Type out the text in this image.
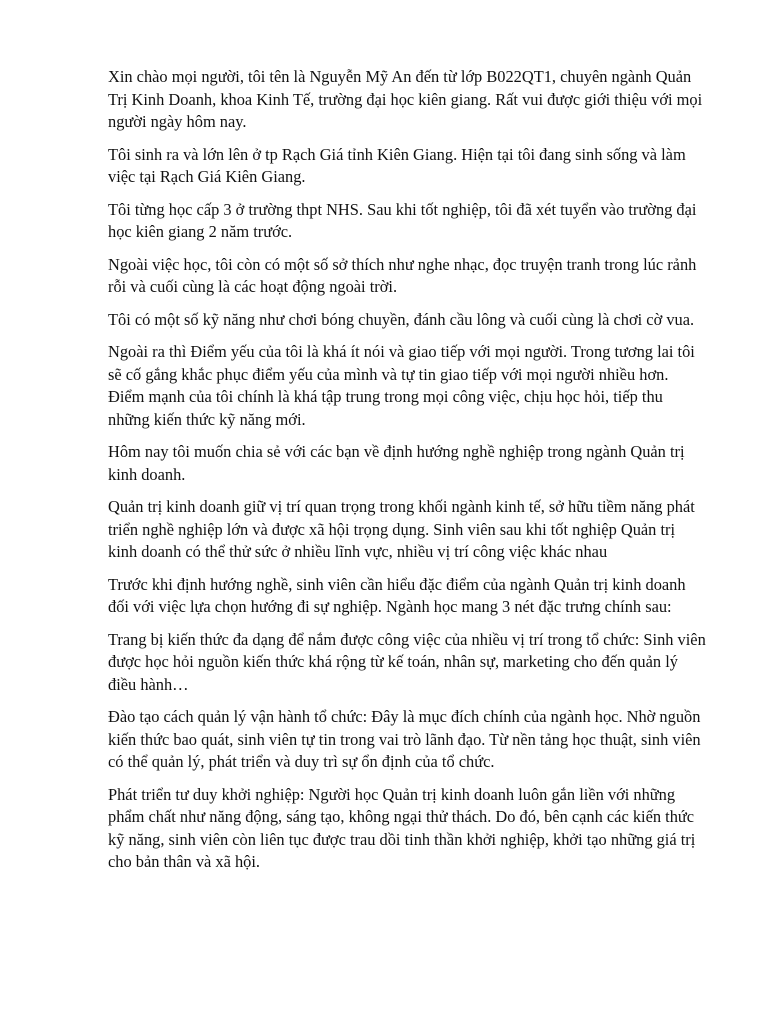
Xin chào mọi người, tôi tên là Nguyễn Mỹ An đến từ lớp B022QT1, chuyên ngành Quản Trị Kinh Doanh, khoa Kinh Tế, trường đại học kiên giang. Rất vui được giới thiệu với mọi người ngày hôm nay.

Tôi sinh ra và lớn lên ở tp Rạch Giá tỉnh Kiên Giang. Hiện tại tôi đang sinh sống và làm việc tại Rạch Giá Kiên Giang.

Tôi từng học cấp 3 ở trường thpt NHS. Sau khi tốt nghiệp, tôi đã xét tuyển vào trường đại học kiên giang 2 năm trước.

Ngoài việc học, tôi còn có một số sở thích như nghe nhạc, đọc truyện tranh trong lúc rảnh rỗi và cuối cùng là các hoạt động ngoài trời.

Tôi có một số kỹ năng như chơi bóng chuyền, đánh cầu lông và cuối cùng là chơi cờ vua.

Ngoài ra thì Điểm yếu của tôi là khá ít nói và giao tiếp với mọi người. Trong tương lai tôi sẽ cố gắng khắc phục điểm yếu của mình và tự tin giao tiếp với mọi người nhiều hơn. Điểm mạnh của tôi chính là khá tập trung trong mọi công việc, chịu học hỏi, tiếp thu những kiến thức kỹ năng mới.

Hôm nay tôi muốn chia sẻ với các bạn về định hướng nghề nghiệp trong ngành Quản trị kinh doanh.

Quản trị kinh doanh giữ vị trí quan trọng trong khối ngành kinh tế, sở hữu tiềm năng phát triển nghề nghiệp lớn và được xã hội trọng dụng. Sinh viên sau khi tốt nghiệp Quản trị kinh doanh có thể thử sức ở nhiều lĩnh vực, nhiều vị trí công việc khác nhau

Trước khi định hướng nghề, sinh viên cần hiểu đặc điểm của ngành Quản trị kinh doanh đối với việc lựa chọn hướng đi sự nghiệp. Ngành học mang 3 nét đặc trưng chính sau:

Trang bị kiến thức đa dạng để nắm được công việc của nhiều vị trí trong tổ chức: Sinh viên được học hỏi nguồn kiến thức khá rộng từ kế toán, nhân sự, marketing cho đến quản lý điều hành…

Đào tạo cách quản lý vận hành tổ chức: Đây là mục đích chính của ngành học. Nhờ nguồn kiến thức bao quát, sinh viên tự tin trong vai trò lãnh đạo. Từ nền tảng học thuật, sinh viên có thể quản lý, phát triển và duy trì sự ổn định của tổ chức.

Phát triển tư duy khởi nghiệp: Người học Quản trị kinh doanh luôn gắn liền với những phẩm chất như năng động, sáng tạo, không ngại thử thách. Do đó, bên cạnh các kiến thức kỹ năng, sinh viên còn liên tục được trau dồi tinh thần khởi nghiệp, khởi tạo những giá trị cho bản thân và xã hội.
